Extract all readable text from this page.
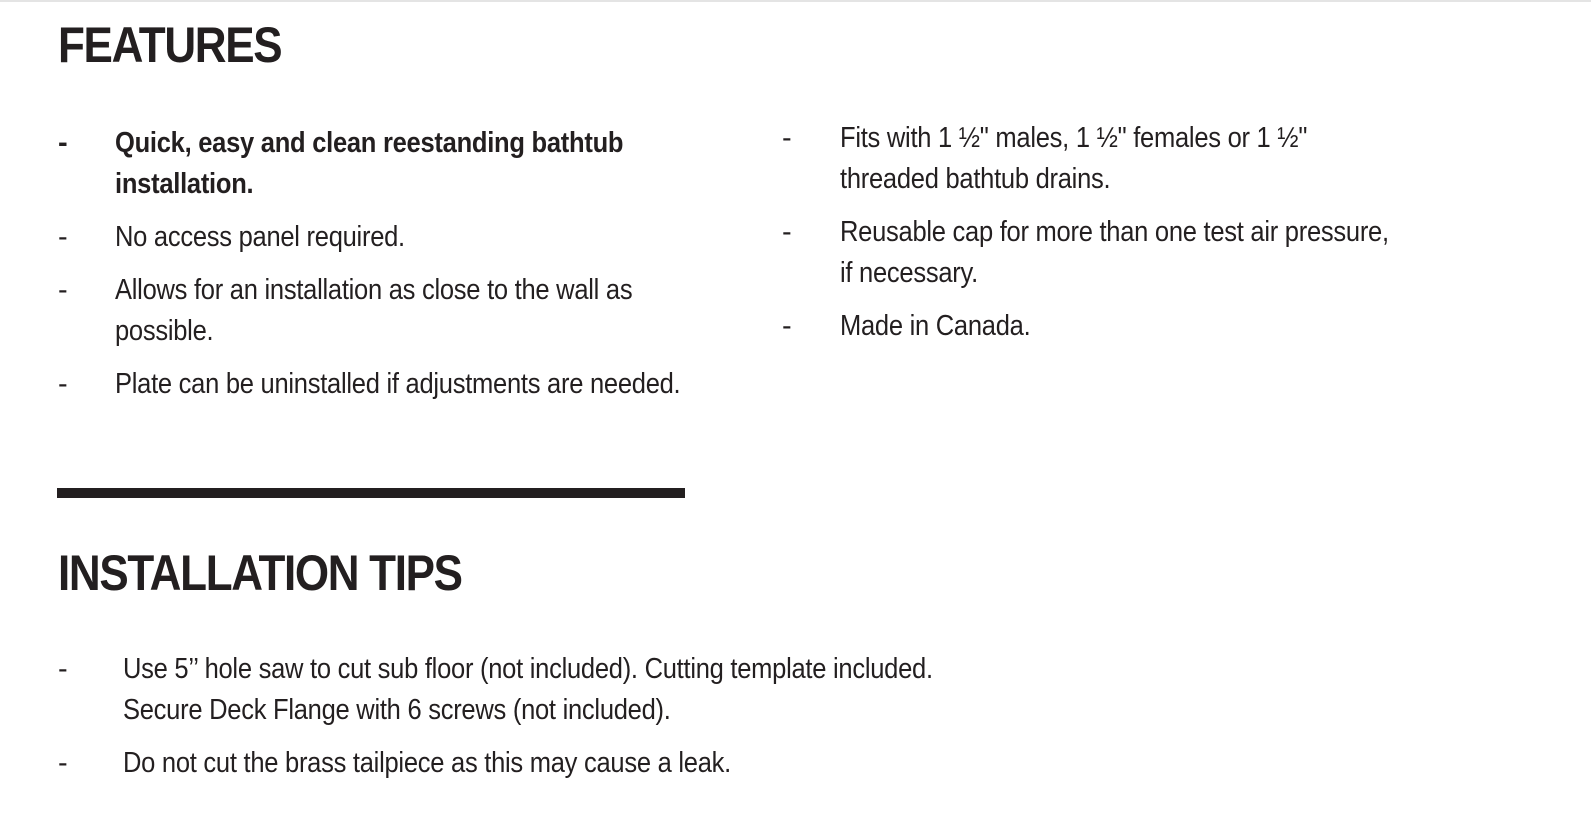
FEATURES
-	Quick, easy and clean reestanding bathtub
installation.
-	No access panel required.
-	Allows for an installation as close to the wall as
possible.
-	Plate can be uninstalled if adjustments are needed.
-	Fits with 1 ½" males, 1 ½" females or 1 ½"
threaded bathtub drains.
-	Reusable cap for more than one test air pressure,
if necessary.
-	Made in Canada.
INSTALLATION TIPS
-	Use 5’’ hole saw to cut sub floor (not included). Cutting template included.
Secure Deck Flange with 6 screws (not included).
-	Do not cut the brass tailpiece as this may cause a leak.
